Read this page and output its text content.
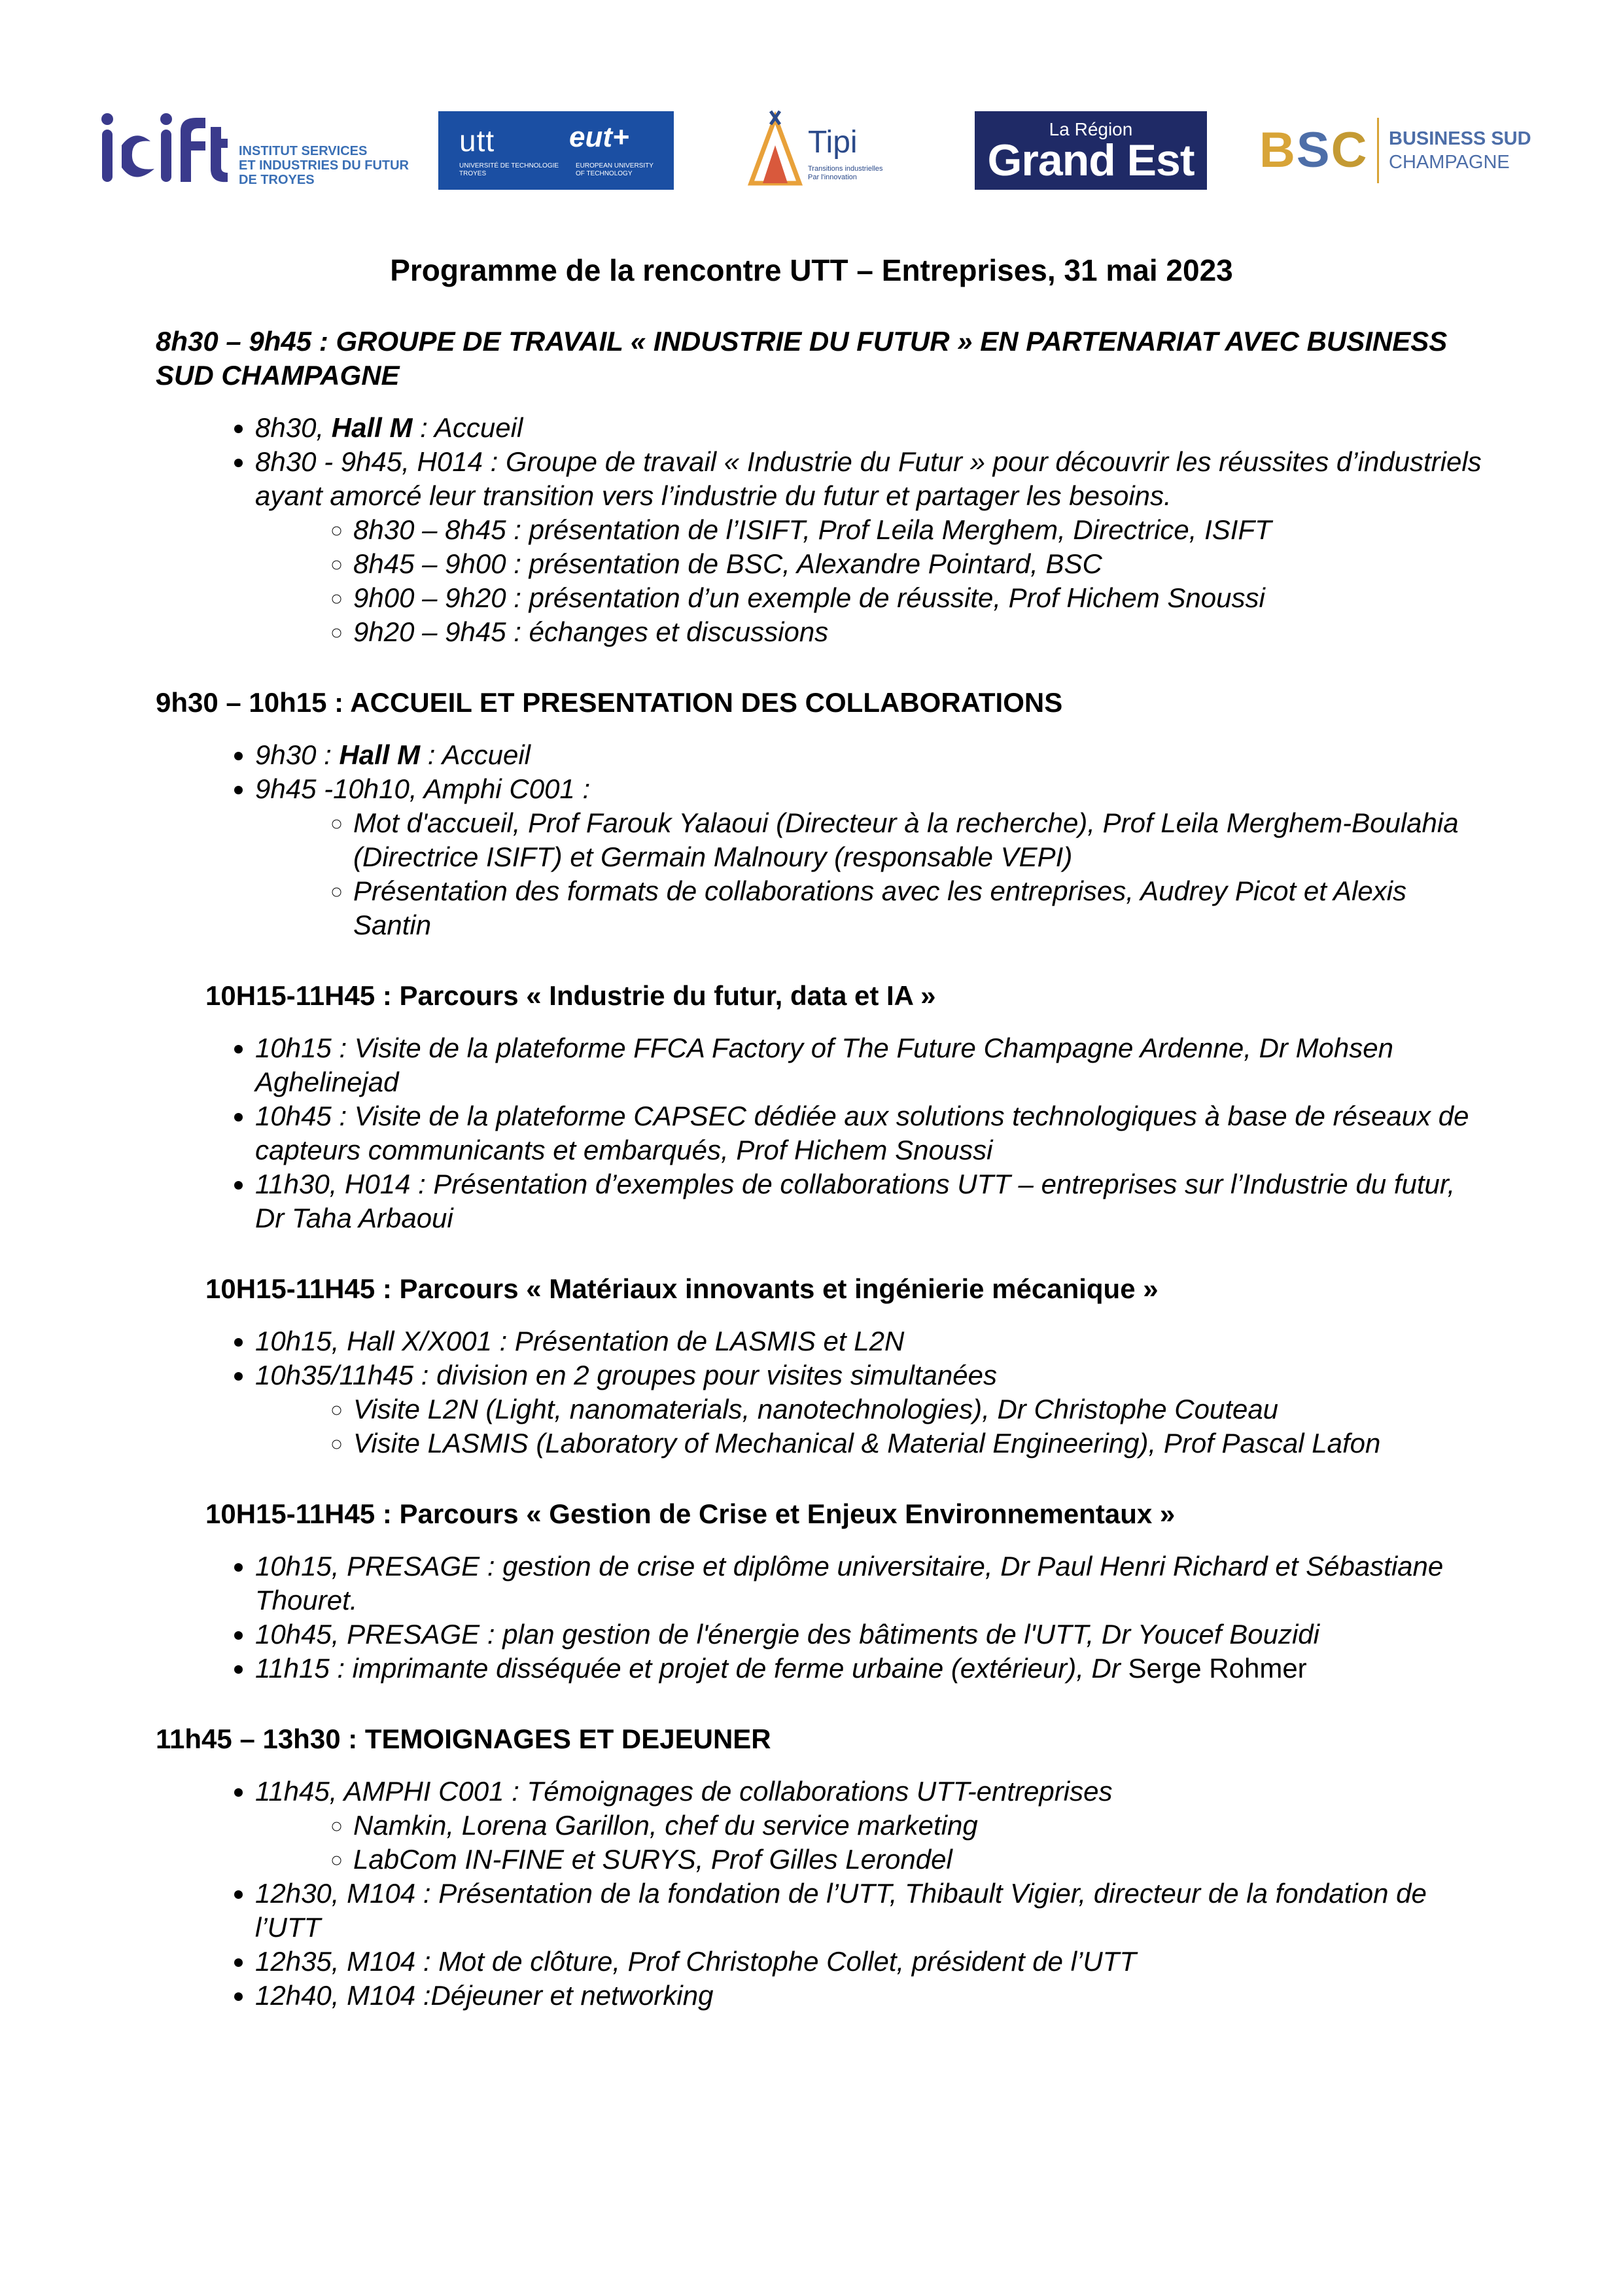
INSTITUT SERVICES
ET INDUSTRIES DU FUTUR
DE TROYES
utt
UNIVERSITÉ DE TECHNOLOGIE
TROYES
eut+
EUROPEAN UNIVERSITY
OF TECHNOLOGY
Tipi
Transitions industrielles
Par l'innovation
La Région
Grand Est BSC BUSINESS SUD
CHAMPAGNE
Programme de la rencontre UTT – Entreprises, 31 mai 2023

8h30 – 9h45 : GROUPE DE TRAVAIL « INDUSTRIE DU FUTUR » EN PARTENARIAT AVEC BUSINESS SUD CHAMPAGNE

• 8h30, Hall M : Accueil
• 8h30 - 9h45, H014 : Groupe de travail « Industrie du Futur » pour découvrir les réussites d’industriels ayant amorcé leur transition vers l’industrie du futur et partager les besoins.
◦ 8h30 – 8h45 : présentation de l’ISIFT, Prof Leila Merghem, Directrice, ISIFT
◦ 8h45 – 9h00 : présentation de BSC, Alexandre Pointard, BSC
◦ 9h00 – 9h20 : présentation d’un exemple de réussite, Prof Hichem Snoussi
◦ 9h20 – 9h45 : échanges et discussions

9h30 – 10h15 : ACCUEIL ET PRESENTATION DES COLLABORATIONS

• 9h30 : Hall M : Accueil
• 9h45 -10h10, Amphi C001 :
◦ Mot d'accueil, Prof Farouk Yalaoui (Directeur à la recherche), Prof Leila Merghem-Boulahia (Directrice ISIFT) et Germain Malnoury (responsable VEPI)
◦ Présentation des formats de collaborations avec les entreprises, Audrey Picot et Alexis Santin

10H15-11H45 : Parcours « Industrie du futur, data et IA »

• 10h15 : Visite de la plateforme FFCA Factory of The Future Champagne Ardenne, Dr Mohsen Aghelinejad
• 10h45 : Visite de la plateforme CAPSEC dédiée aux solutions technologiques à base de réseaux de capteurs communicants et embarqués, Prof Hichem Snoussi
• 11h30, H014 : Présentation d’exemples de collaborations UTT – entreprises sur l’Industrie du futur, Dr Taha Arbaoui

10H15-11H45 : Parcours « Matériaux innovants et ingénierie mécanique »

• 10h15, Hall X/X001 : Présentation de LASMIS et L2N
• 10h35/11h45 : division en 2 groupes pour visites simultanées
◦ Visite L2N (Light, nanomaterials, nanotechnologies), Dr Christophe Couteau
◦ Visite LASMIS (Laboratory of Mechanical & Material Engineering), Prof Pascal Lafon

10H15-11H45 : Parcours « Gestion de Crise et Enjeux Environnementaux »

• 10h15, PRESAGE : gestion de crise et diplôme universitaire, Dr Paul Henri Richard et Sébastiane Thouret.
• 10h45, PRESAGE : plan gestion de l'énergie des bâtiments de l'UTT, Dr Youcef Bouzidi
• 11h15 : imprimante disséquée et projet de ferme urbaine (extérieur), Dr Serge Rohmer

11h45 – 13h30 : TEMOIGNAGES ET DEJEUNER

• 11h45, AMPHI C001 : Témoignages de collaborations UTT-entreprises
◦ Namkin, Lorena Garillon, chef du service marketing
◦ LabCom IN-FINE et SURYS, Prof Gilles Lerondel
• 12h30, M104 : Présentation de la fondation de l’UTT, Thibault Vigier, directeur de la fondation de l’UTT
• 12h35, M104 : Mot de clôture, Prof Christophe Collet, président de l’UTT
• 12h40, M104 :Déjeuner et networking
